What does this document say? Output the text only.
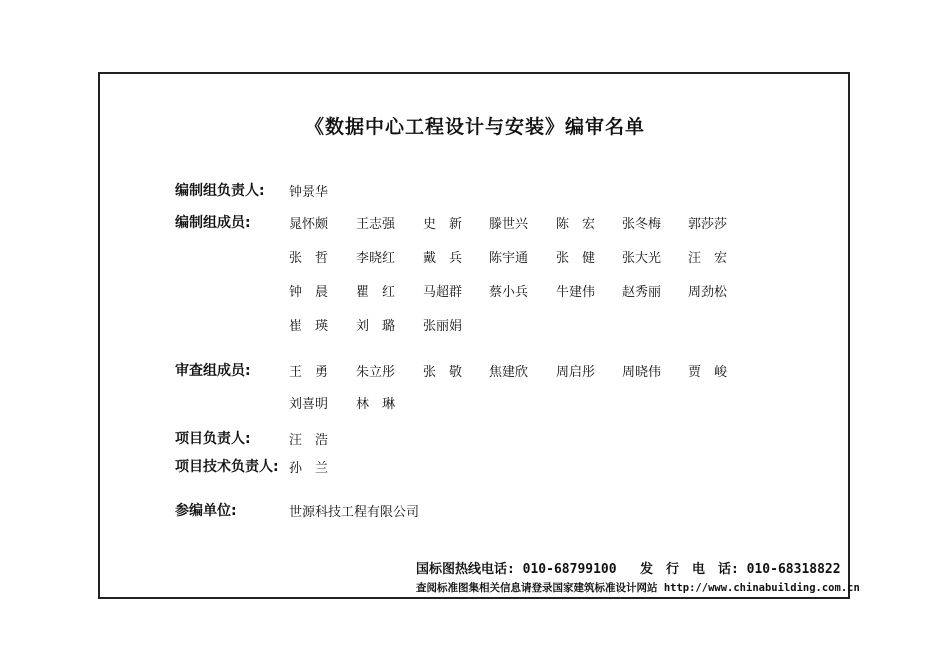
《数据中心工程设计与安装》编审名单
编制组负责人:
编制组成员:
审查组成员:
项目负责人:
项目技术负责人:
参编单位:
钟景华
汪　浩
孙　兰
世源科技工程有限公司
晁怀颇 王志强 史　新 滕世兴 陈　宏 张冬梅 郭莎莎
张　哲 李晓红 戴　兵 陈宇通 张　健 张大光 汪　宏
钟　晨 瞿　红 马超群 蔡小兵 牛建伟 赵秀丽 周劲松
崔　瑛 刘　璐 张丽娟
王　勇 朱立彤 张　敬 焦建欣 周启彤 周晓伟 贾　峻
刘喜明 林　琳
国标图热线电话: 010-68799100 发　行　电　话: 010-68318822
查阅标准图集相关信息请登录国家建筑标准设计网站 http://www.chinabuilding.com.cn
